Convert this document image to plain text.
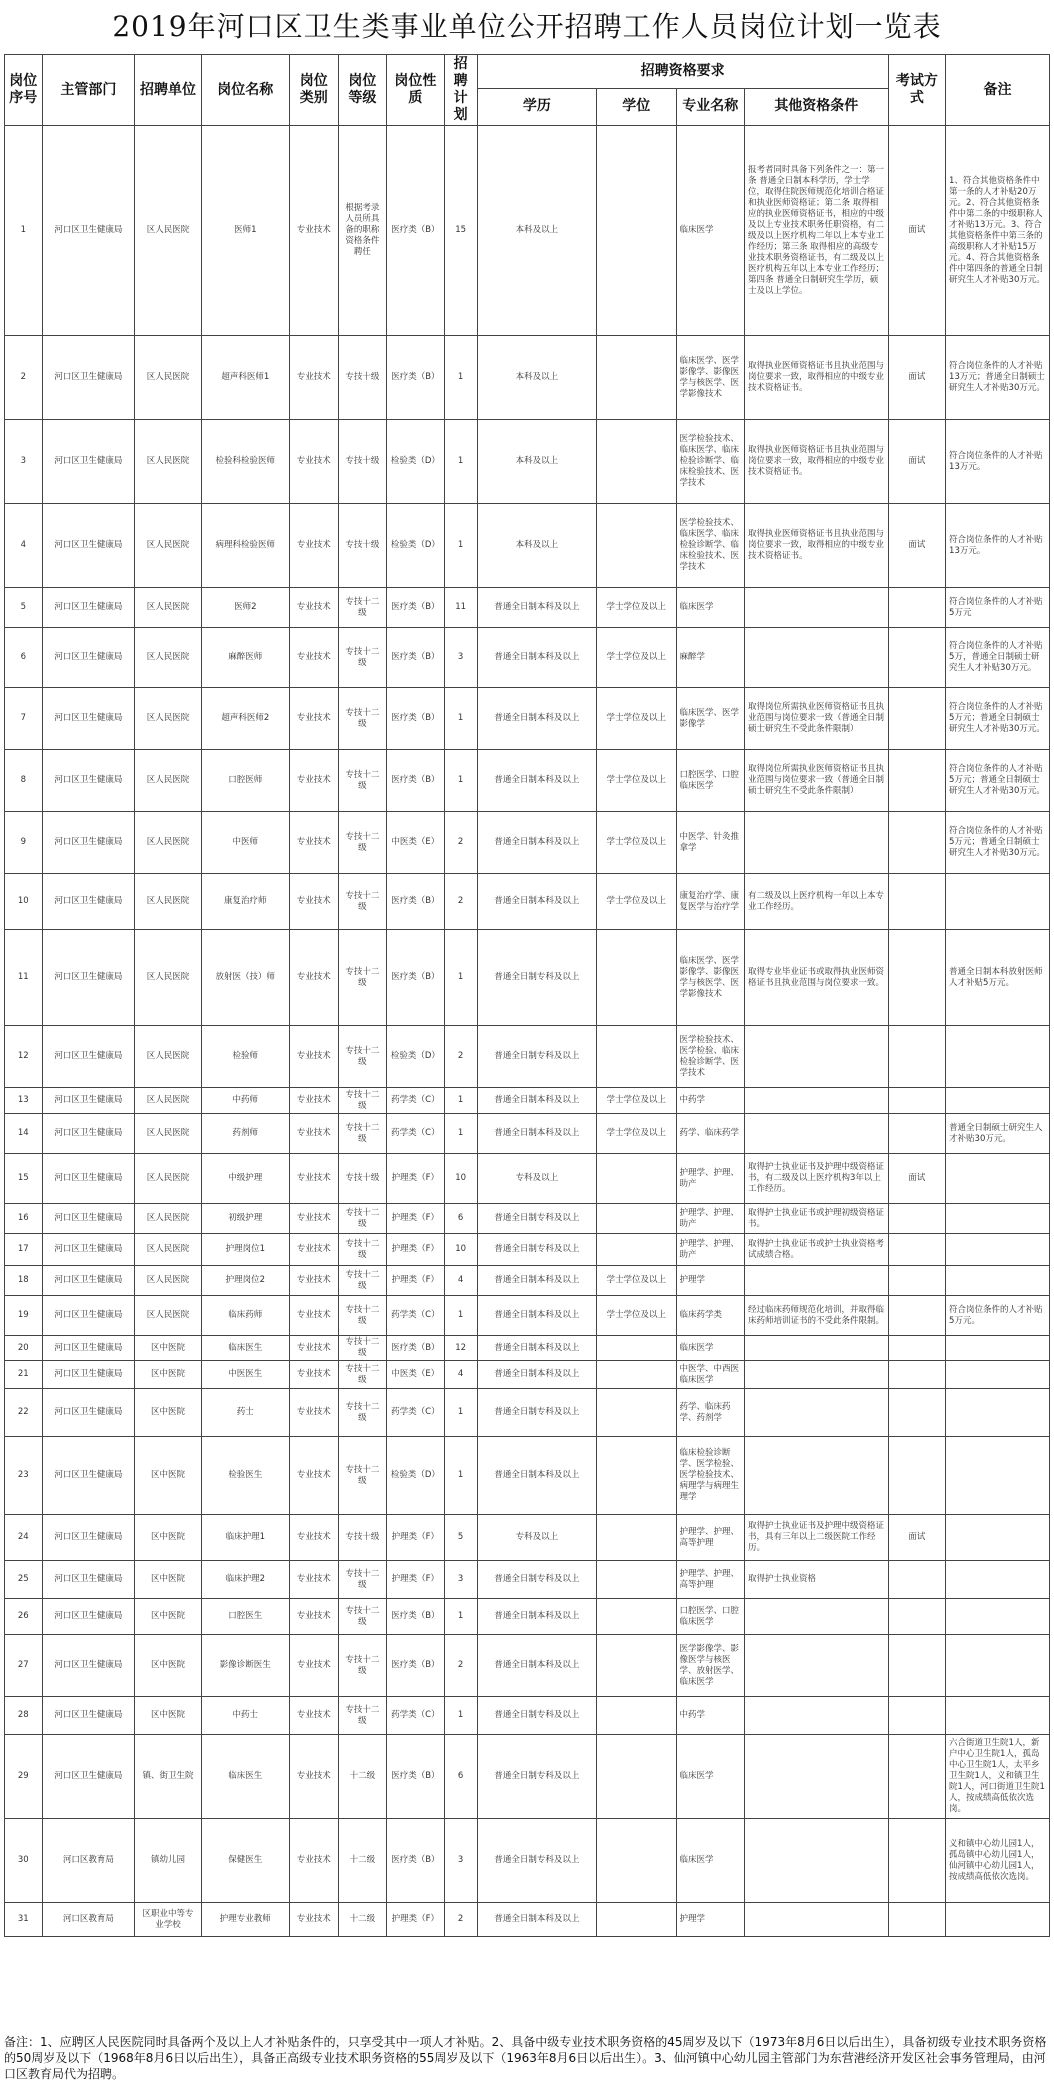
2019年河口区卫生类事业单位公开招聘工作人员岗位计划一览表
岗位序号	主管部门	招聘单位	岗位名称	岗位类别	岗位等级	岗位性质	招聘计划	招聘资格要求				考试方式	备注
								学历	学位	专业名称	其他资格条件		
1	河口区卫生健康局	区人民医院	医师1	专业技术	根据考录人员所具备的职称资格条件聘任	医疗类（B）	15	本科及以上		临床医学	报考者同时具备下列条件之一：第一条 普通全日制本科学历，学士学位，取得住院医师规范化培训合格证和执业医师资格证；第二条 取得相应的执业医师资格证书，相应的中级及以上专业技术职务任职资格，有二级及以上医疗机构二年以上本专业工作经历；第三条 取得相应的高级专业技术职务资格证书，有二级及以上医疗机构五年以上本专业工作经历；第四条 普通全日制研究生学历，硕士及以上学位。	面试	1、符合其他资格条件中第一条的人才补贴20万元。2、符合其他资格条件中第二条的中级职称人才补贴13万元。3、符合其他资格条件中第三条的高级职称人才补贴15万元。4、符合其他资格条件中第四条的普通全日制研究生人才补贴30万元。
2	河口区卫生健康局	区人民医院	超声科医师1	专业技术	专技十级	医疗类（B）	1	本科及以上		临床医学、医学影像学、影像医学与核医学、医学影像技术	取得执业医师资格证书且执业范围与岗位要求一致，取得相应的中级专业技术资格证书。	面试	符合岗位条件的人才补贴13万元；普通全日制硕士研究生人才补贴30万元。
3	河口区卫生健康局	区人民医院	检验科检验医师	专业技术	专技十级	检验类（D）	1	本科及以上		医学检验技术、临床医学、临床检验诊断学、临床检验技术、医学技术	取得执业医师资格证书且执业范围与岗位要求一致，取得相应的中级专业技术资格证书。	面试	符合岗位条件的人才补贴13万元。
4	河口区卫生健康局	区人民医院	病理科检验医师	专业技术	专技十级	检验类（D）	1	本科及以上		医学检验技术、临床医学、临床检验诊断学、临床检验技术、医学技术	取得执业医师资格证书且执业范围与岗位要求一致，取得相应的中级专业技术资格证书。	面试	符合岗位条件的人才补贴13万元。
5	河口区卫生健康局	区人民医院	医师2	专业技术	专技十二级	医疗类（B）	11	普通全日制本科及以上	学士学位及以上	临床医学			符合岗位条件的人才补贴5万元
6	河口区卫生健康局	区人民医院	麻醉医师	专业技术	专技十二级	医疗类（B）	3	普通全日制本科及以上	学士学位及以上	麻醉学			符合岗位条件的人才补贴5万，普通全日制硕士研究生人才补贴30万元。
7	河口区卫生健康局	区人民医院	超声科医师2	专业技术	专技十二级	医疗类（B）	1	普通全日制本科及以上	学士学位及以上	临床医学、医学影像学	取得岗位所需执业医师资格证书且执业范围与岗位要求一致（普通全日制硕士研究生不受此条件限制）		符合岗位条件的人才补贴5万元；普通全日制硕士研究生人才补贴30万元。
8	河口区卫生健康局	区人民医院	口腔医师	专业技术	专技十二级	医疗类（B）	1	普通全日制本科及以上	学士学位及以上	口腔医学、口腔临床医学	取得岗位所需执业医师资格证书且执业范围与岗位要求一致（普通全日制硕士研究生不受此条件限制）		符合岗位条件的人才补贴5万元；普通全日制硕士研究生人才补贴30万元。
9	河口区卫生健康局	区人民医院	中医师	专业技术	专技十二级	中医类（E）	2	普通全日制本科及以上	学士学位及以上	中医学、针灸推拿学			符合岗位条件的人才补贴5万元；普通全日制硕士研究生人才补贴30万元。
10	河口区卫生健康局	区人民医院	康复治疗师	专业技术	专技十二级	医疗类（B）	2	普通全日制本科及以上	学士学位及以上	康复治疗学、康复医学与治疗学	有二级及以上医疗机构一年以上本专业工作经历。		
11	河口区卫生健康局	区人民医院	放射医（技）师	专业技术	专技十二级	医疗类（B）	1	普通全日制专科及以上		临床医学、医学影像学、影像医学与核医学、医学影像技术	取得专业毕业证书或取得执业医师资格证书且执业范围与岗位要求一致。		普通全日制本科放射医师人才补贴5万元。
12	河口区卫生健康局	区人民医院	检验师	专业技术	专技十二级	检验类（D）	2	普通全日制专科及以上		医学检验技术、医学检验、临床检验诊断学、医学技术			
13	河口区卫生健康局	区人民医院	中药师	专业技术	专技十二级	药学类（C）	1	普通全日制本科及以上	学士学位及以上	中药学			
14	河口区卫生健康局	区人民医院	药剂师	专业技术	专技十二级	药学类（C）	1	普通全日制本科及以上	学士学位及以上	药学、临床药学			普通全日制硕士研究生人才补贴30万元。
15	河口区卫生健康局	区人民医院	中级护理	专业技术	专技十级	护理类（F）	10	专科及以上		护理学、护理、助产	取得护士执业证书及护理中级资格证书，有二级及以上医疗机构3年以上工作经历。	面试	
16	河口区卫生健康局	区人民医院	初级护理	专业技术	专技十二级	护理类（F）	6	普通全日制专科及以上		护理学、护理、助产	取得护士执业证书或护理初级资格证书。		
17	河口区卫生健康局	区人民医院	护理岗位1	专业技术	专技十二级	护理类（F）	10	普通全日制专科及以上		护理学、护理、助产	取得护士执业证书或护士执业资格考试成绩合格。		
18	河口区卫生健康局	区人民医院	护理岗位2	专业技术	专技十二级	护理类（F）	4	普通全日制本科及以上	学士学位及以上	护理学			
19	河口区卫生健康局	区人民医院	临床药师	专业技术	专技十二级	药学类（C）	1	普通全日制本科及以上	学士学位及以上	临床药学类	经过临床药师规范化培训，并取得临床药师培训证书的不受此条件限制。		符合岗位条件的人才补贴5万元。
20	河口区卫生健康局	区中医院	临床医生	专业技术	专技十二级	医疗类（B）	12	普通全日制本科及以上		临床医学			
21	河口区卫生健康局	区中医院	中医医生	专业技术	专技十二级	中医类（E）	4	普通全日制本科及以上		中医学、中西医临床医学			
22	河口区卫生健康局	区中医院	药士	专业技术	专技十二级	药学类（C）	1	普通全日制专科及以上		药学、临床药学、药剂学			
23	河口区卫生健康局	区中医院	检验医生	专业技术	专技十二级	检验类（D）	1	普通全日制本科及以上		临床检验诊断学、医学检验、医学检验技术、病理学与病理生理学			
24	河口区卫生健康局	区中医院	临床护理1	专业技术	专技十级	护理类（F）	5	专科及以上		护理学、护理、高等护理	取得护士执业证书及护理中级资格证书，具有三年以上二级医院工作经历。	面试	
25	河口区卫生健康局	区中医院	临床护理2	专业技术	专技十二级	护理类（F）	3	普通全日制专科及以上		护理学、护理、高等护理	取得护士执业资格		
26	河口区卫生健康局	区中医院	口腔医生	专业技术	专技十二级	医疗类（B）	1	普通全日制本科及以上		口腔医学、口腔临床医学			
27	河口区卫生健康局	区中医院	影像诊断医生	专业技术	专技十二级	医疗类（B）	2	普通全日制本科及以上		医学影像学、影像医学与核医学、放射医学、临床医学			
28	河口区卫生健康局	区中医院	中药士	专业技术	专技十二级	药学类（C）	1	普通全日制专科及以上		中药学			
29	河口区卫生健康局	镇、街卫生院	临床医生	专业技术	十二级	医疗类（B）	6	普通全日制专科及以上		临床医学			六合街道卫生院1人，新户中心卫生院1人，孤岛中心卫生院1人，太平乡卫生院1人，义和镇卫生院1人，河口街道卫生院1人，按成绩高低依次选岗。
30	河口区教育局	镇幼儿园	保健医生	专业技术	十二级	医疗类（B）	3	普通全日制专科及以上		临床医学			义和镇中心幼儿园1人，孤岛镇中心幼儿园1人，仙河镇中心幼儿园1人，按成绩高低依次选岗。
31	河口区教育局	区职业中等专业学校	护理专业教师	专业技术	十二级	护理类（F）	2	普通全日制本科及以上		护理学			
备注：1、应聘区人民医院同时具备两个及以上人才补贴条件的，只享受其中一项人才补贴。2、具备中级专业技术职务资格的45周岁及以下（1973年8月6日以后出生），具备初级专业技术职务资格的50周岁及以下（1968年8月6日以后出生），具备正高级专业技术职务资格的55周岁及以下（1963年8月6日以后出生）。3、仙河镇中心幼儿园主管部门为东营港经济开发区社会事务管理局，由河口区教育局代为招聘。
